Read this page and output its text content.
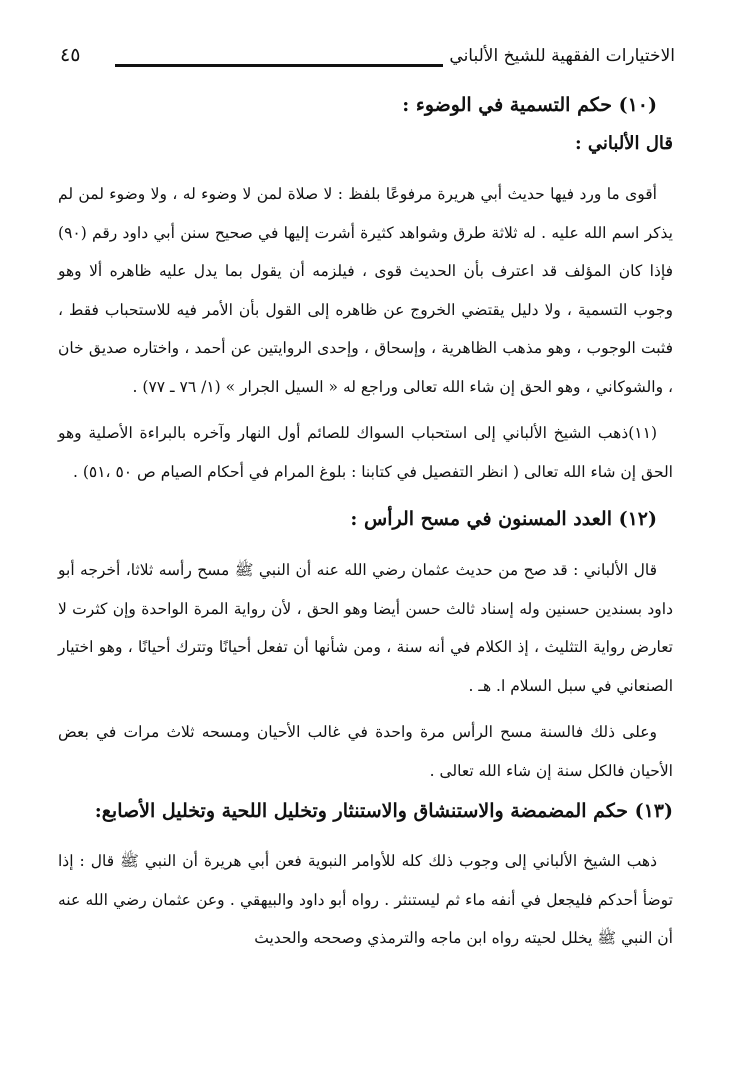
الاختيارات الفقهية للشيخ الألباني
٤٥

(١٠) حكم التسمية في الوضوء :

قال الألباني :

أقوى ما ورد فيها حديث أبي هريرة مرفوعًا بلفظ : لا صلاة لمن لا وضوء له ، ولا وضوء لمن لم يذكر اسم الله عليه . له ثلاثة طرق وشواهد كثيرة أشرت إليها في صحيح سنن أبي داود رقم (٩٠) فإذا كان المؤلف قد اعترف بأن الحديث قوى ، فيلزمه أن يقول بما يدل عليه ظاهره ألا وهو وجوب التسمية ، ولا دليل يقتضي الخروج عن ظاهره إلى القول بأن الأمر فيه للاستحباب فقط ، فثبت الوجوب ، وهو مذهب الظاهرية ، وإسحاق ، وإحدى الروايتين عن أحمد ، واختاره صديق خان ، والشوكاني ، وهو الحق إن شاء الله تعالى وراجع له « السيل الجرار » (١/ ٧٦ ـ ٧٧) .

(١١)ذهب الشيخ الألباني إلى استحباب السواك للصائم أول النهار وآخره بالبراءة الأصلية وهو الحق إن شاء الله تعالى ( انظر التفصيل في كتابنا : بلوغ المرام في أحكام الصيام ص ٥٠ ،٥١) .

(١٢) العدد المسنون في مسح الرأس :

قال الألباني : قد صح من حديث عثمان رضي الله عنه أن النبي ﷺ مسح رأسه ثلاثا، أخرجه أبو داود بسندين حسنين وله إسناد ثالث حسن أيضا وهو الحق ، لأن رواية المرة الواحدة وإن كثرت لا تعارض رواية التثليث ، إذ الكلام في أنه سنة ، ومن شأنها أن تفعل أحيانًا وتترك أحيانًا ، وهو اختيار الصنعاني في سبل السلام ا. هـ .

وعلى ذلك فالسنة مسح الرأس مرة واحدة في غالب الأحيان ومسحه ثلاث مرات في بعض الأحيان فالكل سنة إن شاء الله تعالى .

(١٣) حكم المضمضة والاستنشاق والاستنثار وتخليل اللحية وتخليل الأصابع:

ذهب الشيخ الألباني إلى وجوب ذلك كله للأوامر النبوية فعن أبي هريرة أن النبي ﷺ قال : إذا توضأ أحدكم فليجعل في أنفه ماء ثم ليستنثر . رواه أبو داود والبيهقي . وعن عثمان رضي الله عنه أن النبي ﷺ يخلل لحيته رواه ابن ماجه والترمذي وصححه والحديث
